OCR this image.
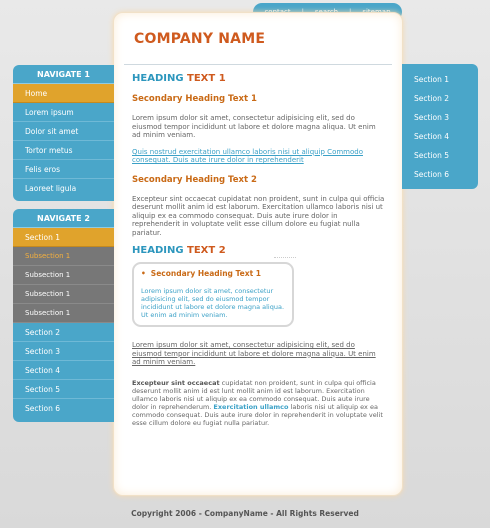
COMPANY NAME
HEADING TEXT 1
Secondary Heading Text 1
Lorem ipsum dolor sit amet, consectetur adipisicing elit, sed do eiusmod tempor incididunt ut labore et dolore magna aliqua. Ut enim ad minim veniam.
Quis nostrud exercitation ullamco laboris nisi ut aliquip Commodo consequat. Duis aute irure dolor in reprehenderit
Secondary Heading Text 2
Excepteur sint occaecat cupidatat non proident, sunt in culpa qui officia deserunt mollit anim id est laborum. Exercitation ullamco laboris nisi ut aliquip ex ea commodo consequat. Duis aute irure dolor in reprehenderit in voluptate velit esse cillum dolore eu fugiat nulla pariatur.
HEADING TEXT 2
• Secondary Heading Text 1
Lorem ipsum dolor sit amet, consectetur adipisicing elit, sed do eiusmod tempor incididunt ut labore et dolore magna aliqua. Ut enim ad minim veniam.
Lorem ipsum dolor sit amet, consectetur adipisicing elit, sed do eiusmod tempor incididunt ut labore et dolore magna aliqua. Ut enim ad minim veniam.
Excepteur sint occaecat cupidatat non proident, sunt in culpa qui officia deserunt mollit anim id est lunt mollit anim id est laborum. Exercitation ullamco laboris nisi ut aliquip ex ea commodo consequat. Duis aute irure dolor in reprehenderum. Exercitation ullamco laboris nisi ut aliquip ex ea commodo consequat. Duis aute irure dolor in reprehenderit in voluptate velit esse cillum dolore eu fugiat nulla pariatur.
NAVIGATE 1
Home
Lorem ipsum
Dolor sit amet
Tortor metus
Felis eros
Laoreet ligula
NAVIGATE 2
Section 1
Subsection 1
Subsection 1
Subsection 1
Subsection 1
Section 2
Section 3
Section 4
Section 5
Section 6
Section 1
Section 2
Section 3
Section 4
Section 5
Section 6
Copyright 2006 - CompanyName - All Rights Reserved
